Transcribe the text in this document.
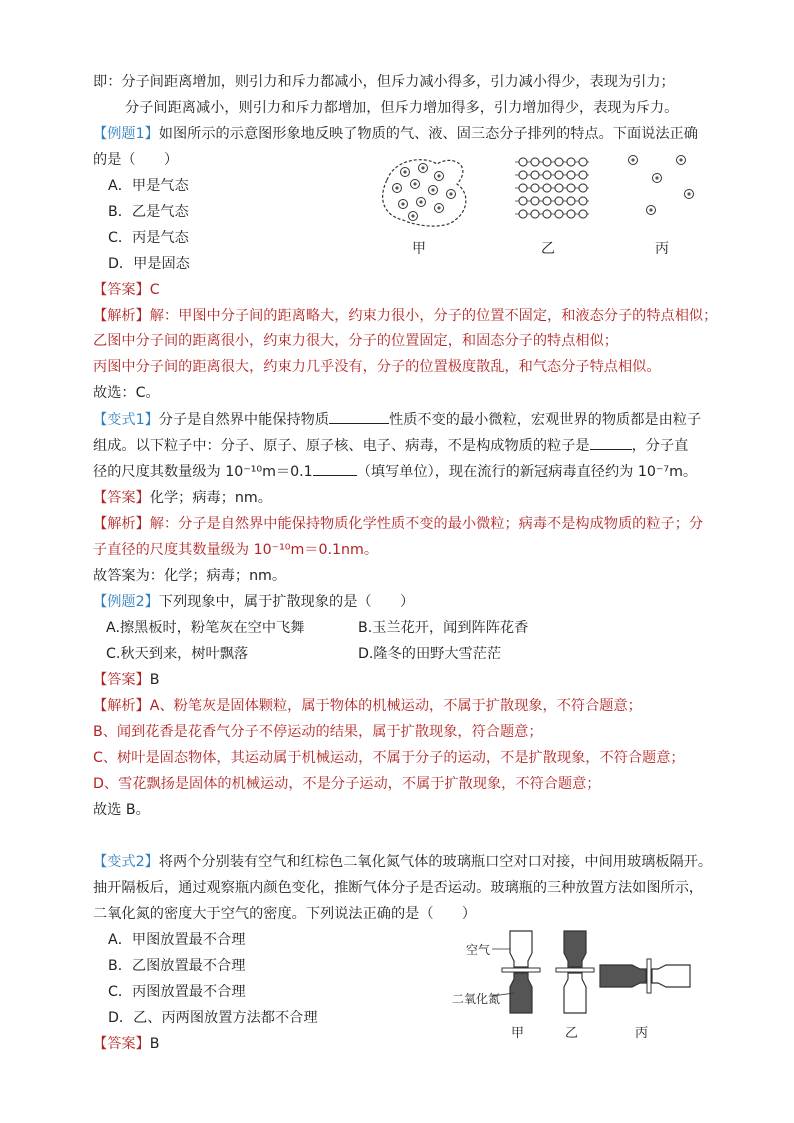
即：分子间距离增加，则引力和斥力都减小，但斥力减小得多，引力减小得少，表现为引力；
分子间距离减小，则引力和斥力都增加，但斥力增加得多，引力增加得少，表现为斥力。
【例题1】如图所示的示意图形象地反映了物质的气、液、固三态分子排列的特点。下面说法正确
的是（　　）
A．甲是气态
B．乙是气态
C．丙是气态
D．甲是固态
甲	乙	丙
【答案】C
【解析】解：甲图中分子间的距离略大，约束力很小，分子的位置不固定，和液态分子的特点相似；
乙图中分子间的距离很小，约束力很大，分子的位置固定，和固态分子的特点相似；
丙图中分子间的距离很大，约束力几乎没有，分子的位置极度散乱，和气态分子特点相似。
故选：C。
【变式1】分子是自然界中能保持物质	性质不变的最小微粒，宏观世界的物质都是由粒子
组成。以下粒子中：分子、原子、原子核、电子、病毒，不是构成物质的粒子是	，分子直
径的尺度其数量级为 10⁻¹⁰m＝0.1	（填写单位），现在流行的新冠病毒直径约为 10⁻⁷m。
【答案】化学；病毒；nm。
【解析】解：分子是自然界中能保持物质化学性质不变的最小微粒；病毒不是构成物质的粒子；分
子直径的尺度其数量级为 10⁻¹⁰m＝0.1nm。
故答案为：化学；病毒；nm。
【例题2】下列现象中，属于扩散现象的是（　　）
A.擦黑板时，粉笔灰在空中飞舞	B.玉兰花开，闻到阵阵花香
C.秋天到来，树叶飘落	D.隆冬的田野大雪茫茫
【答案】B
【解析】A、粉笔灰是固体颗粒，属于物体的机械运动，不属于扩散现象，不符合题意；
B、闻到花香是花香气分子不停运动的结果，属于扩散现象，符合题意；
C、树叶是固态物体，其运动属于机械运动，不属于分子的运动，不是扩散现象，不符合题意；
D、雪花飘扬是固体的机械运动，不是分子运动，不属于扩散现象，不符合题意；
故选 B。
【变式2】将两个分别装有空气和红棕色二氧化氮气体的玻璃瓶口空对口对接，中间用玻璃板隔开。
抽开隔板后，通过观察瓶内颜色变化，推断气体分子是否运动。玻璃瓶的三种放置方法如图所示，
二氧化氮的密度大于空气的密度。下列说法正确的是（　　）
A．甲图放置最不合理
B．乙图放置最不合理
C．丙图放置最不合理
D．乙、丙两图放置方法都不合理
【答案】B
空气
二氧化氮
甲	乙	丙
